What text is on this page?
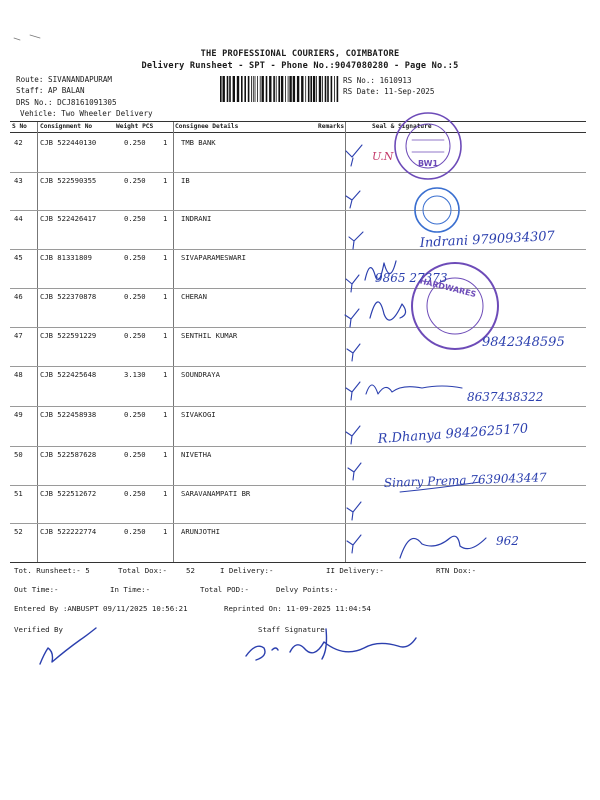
THE PROFESSIONAL COURIERS, COIMBATORE
Delivery Runsheet - SPT - Phone No.:9047080280 - Page No.:5
Route: SIVANANDAPURAM
Staff: AP BALAN
DRS No.: DCJ8161091305
Vehicle: Two Wheeler Delivery
RS No.: 1610913
RS Date: 11-Sep-2025
S No Consignment No	Weight PCS	Consignee Details	Remarks	Seal & Signature
42 CJB 522440130	0.250 1 TMB BANK
43 CJB 522590355	0.250 1 IB
44 CJB 522426417	0.250 1 INDRANI
45 CJB 81331809	0.250 1 SIVAPARAMESWARI
46 CJB 522370878	0.250 1 CHERAN
47 CJB 522591229	0.250 1 SENTHIL KUMAR
48 CJB 522425648	3.130 1 SOUNDRAYA
49 CJB 522458938	0.250 1 SIVAKOGI
50 CJB 522587628	0.250 1 NIVETHA
51 CJB 522512672	0.250 1 SARAVANAMPATI BR
52 CJB 522222774	0.250 1 ARUNJOTHI
Tot. Runsheet:- 5	Total Dox:-	52	I Delivery:-	II Delivery:-	RTN Dox:-
Out Time:-	In Time:-	Total POD:-	Delvy Points:-
Entered By :ANBUSPT 09/11/2025 10:56:21	Reprinted On: 11-09-2025 11:04:54
Verified By	Staff Signature
U.N
Indrani 9790934307
9865 27373
9842348595
8637438322
R.Dhanya 9842625170
Sinary Prema 7639043447
962
BW1
HARDWARES
